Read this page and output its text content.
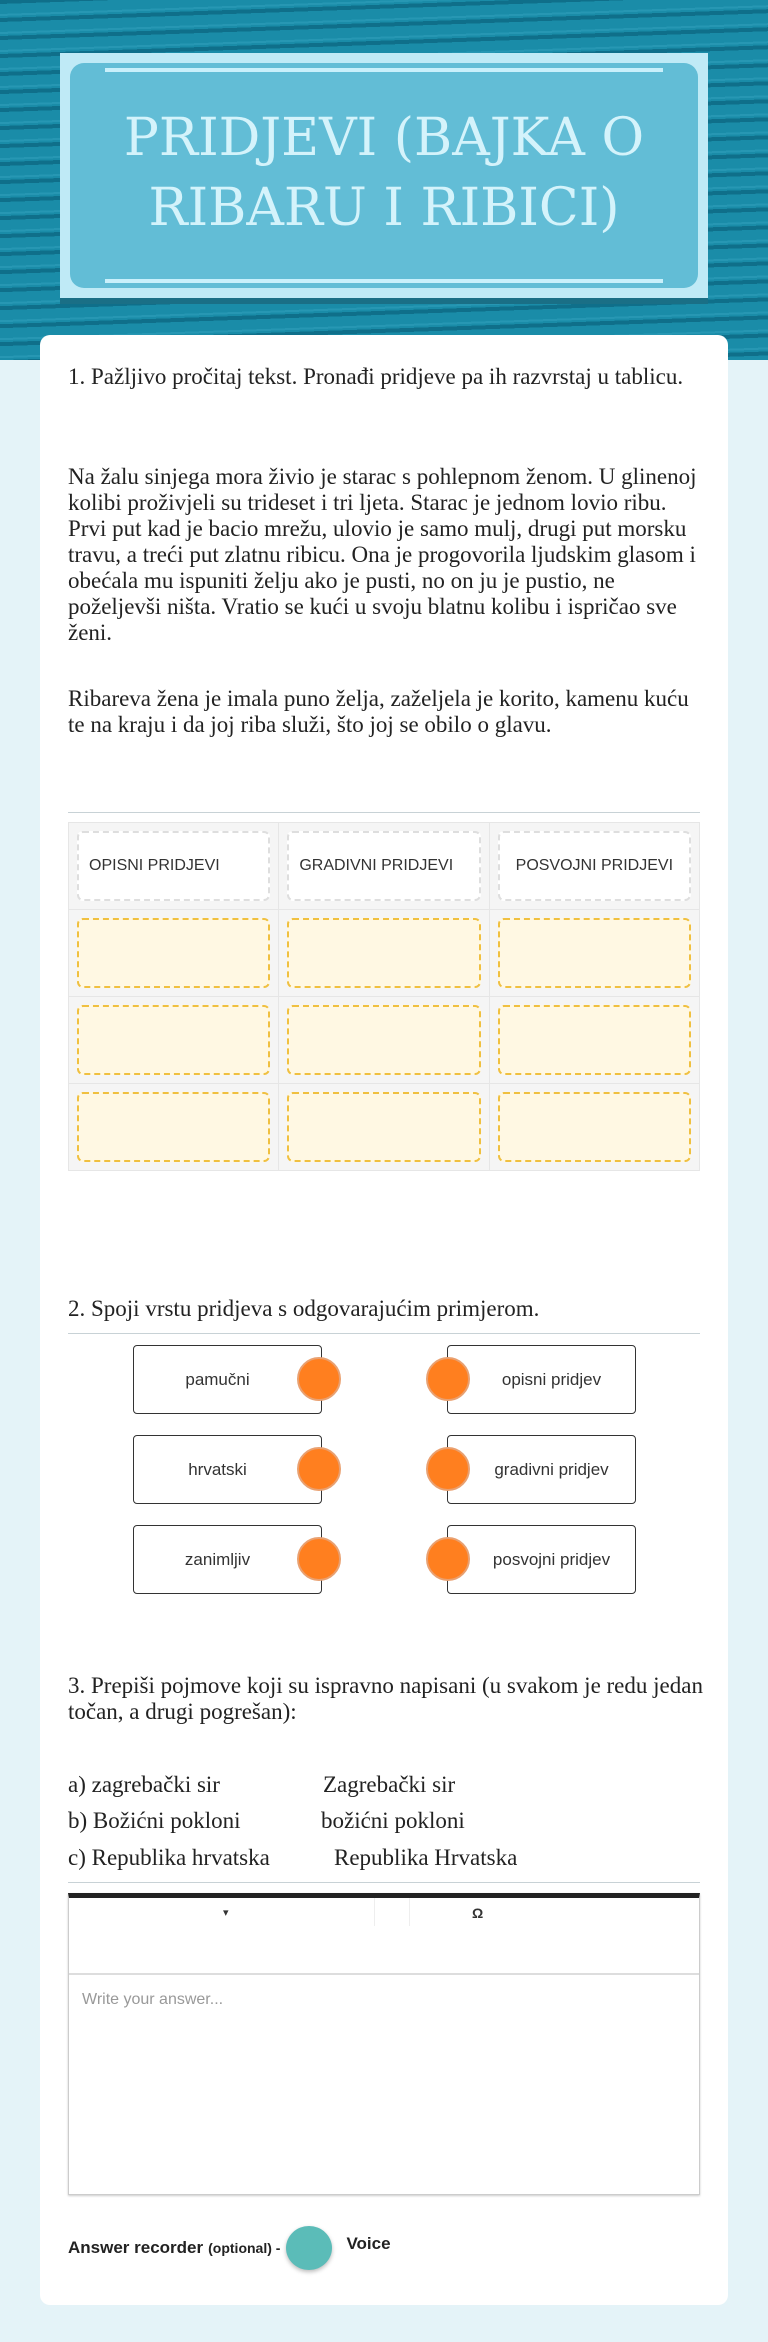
PRIDJEVI (BAJKA O RIBARU I RIBICI)
1. Pažljivo pročitaj tekst. Pronađi pridjeve pa ih razvrstaj u tablicu.
Na žalu sinjega mora živio je starac s pohlepnom ženom. U glinenoj kolibi proživjeli su trideset i tri ljeta. Starac je jednom lovio ribu. Prvi put kad je bacio mrežu, ulovio je samo mulj, drugi put morsku travu, a treći put zlatnu ribicu. Ona je progovorila ljudskim glasom i obećala mu ispuniti želju ako je pusti, no on ju je pustio, ne poželjevši ništa. Vratio se kući u svoju blatnu kolibu i ispričao sve ženi.
Ribareva žena je imala puno želja, zaželjela je korito, kamenu kuću te na kraju i da joj riba služi, što joj se obilo o glavu.
OPISNI PRIDJEVI	GRADIVNI PRIDJEVI	POSVOJNI PRIDJEVI

2. Spoji vrstu pridjeva s odgovarajućim primjerom.
pamučni
hrvatski
zanimljiv
opisni pridjev
gradivni pridjev
posvojni pridjev
3. Prepiši pojmove koji su ispravno napisani (u svakom je redu jedan točan, a drugi pogrešan):
a) zagrebački sir	Zagrebački sir
b) Božićni pokloni	božićni pokloni
c) Republika hrvatska	Republika Hrvatska
▾	Ω
Write your answer...
Answer recorder (optional) -	Voice
